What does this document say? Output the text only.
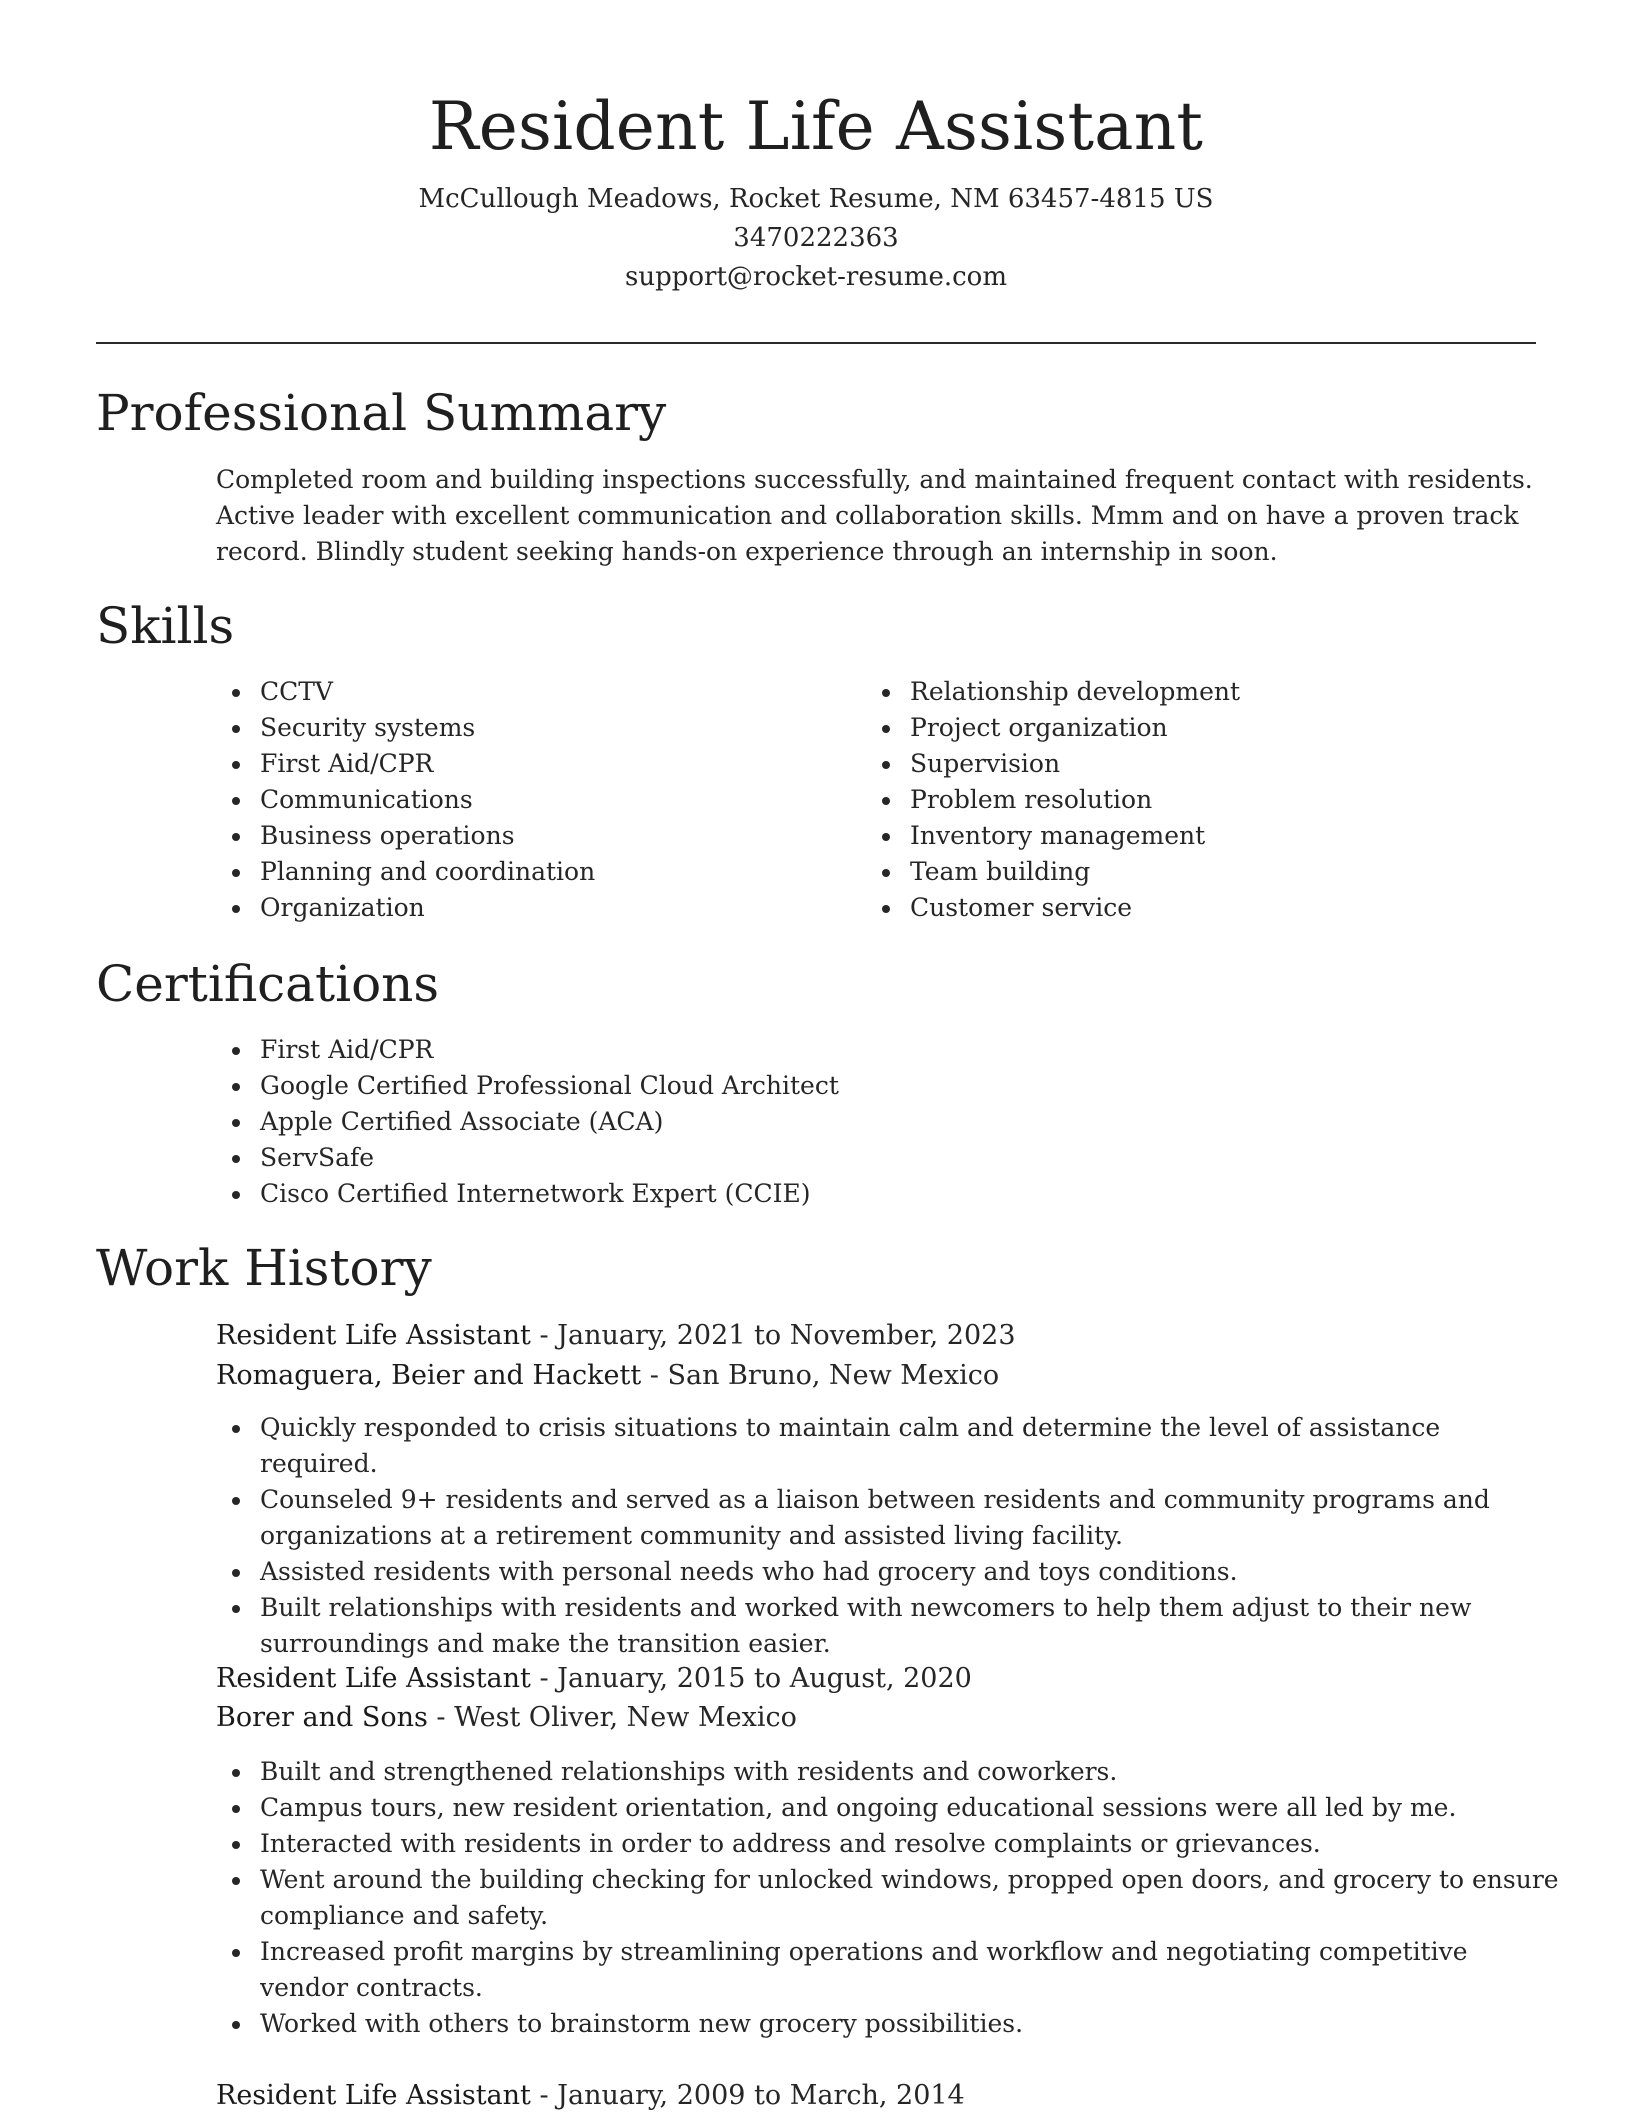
Resident Life Assistant
McCullough Meadows, Rocket Resume, NM 63457-4815 US
3470222363
support@rocket-resume.com
Professional Summary

Completed room and building inspections successfully, and maintained frequent contact with residents. Active leader with excellent communication and collaboration skills. Mmm and on have a proven track record. Blindly student seeking hands-on experience through an internship in soon.

Skills
CCTV
Security systems
First Aid/CPR
Communications
Business operations
Planning and coordination
Organization
Relationship development
Project organization
Supervision
Problem resolution
Inventory management
Team building
Customer service
Certifications
First Aid/CPR
Google Certified Professional Cloud Architect
Apple Certified Associate (ACA)
ServSafe
Cisco Certified Internetwork Expert (CCIE)
Work History
Resident Life Assistant - January, 2021 to November, 2023
Romaguera, Beier and Hackett - San Bruno, New Mexico
Quickly responded to crisis situations to maintain calm and determine the level of assistance required.
Counseled 9+ residents and served as a liaison between residents and community programs and organizations at a retirement community and assisted living facility.
Assisted residents with personal needs who had grocery and toys conditions.
Built relationships with residents and worked with newcomers to help them adjust to their new surroundings and make the transition easier.
Resident Life Assistant - January, 2015 to August, 2020
Borer and Sons - West Oliver, New Mexico
Built and strengthened relationships with residents and coworkers.
Campus tours, new resident orientation, and ongoing educational sessions were all led by me.
Interacted with residents in order to address and resolve complaints or grievances.
Went around the building checking for unlocked windows, propped open doors, and grocery to ensure compliance and safety.
Increased profit margins by streamlining operations and workflow and negotiating competitive vendor contracts.
Worked with others to brainstorm new grocery possibilities.
Resident Life Assistant - January, 2009 to March, 2014
